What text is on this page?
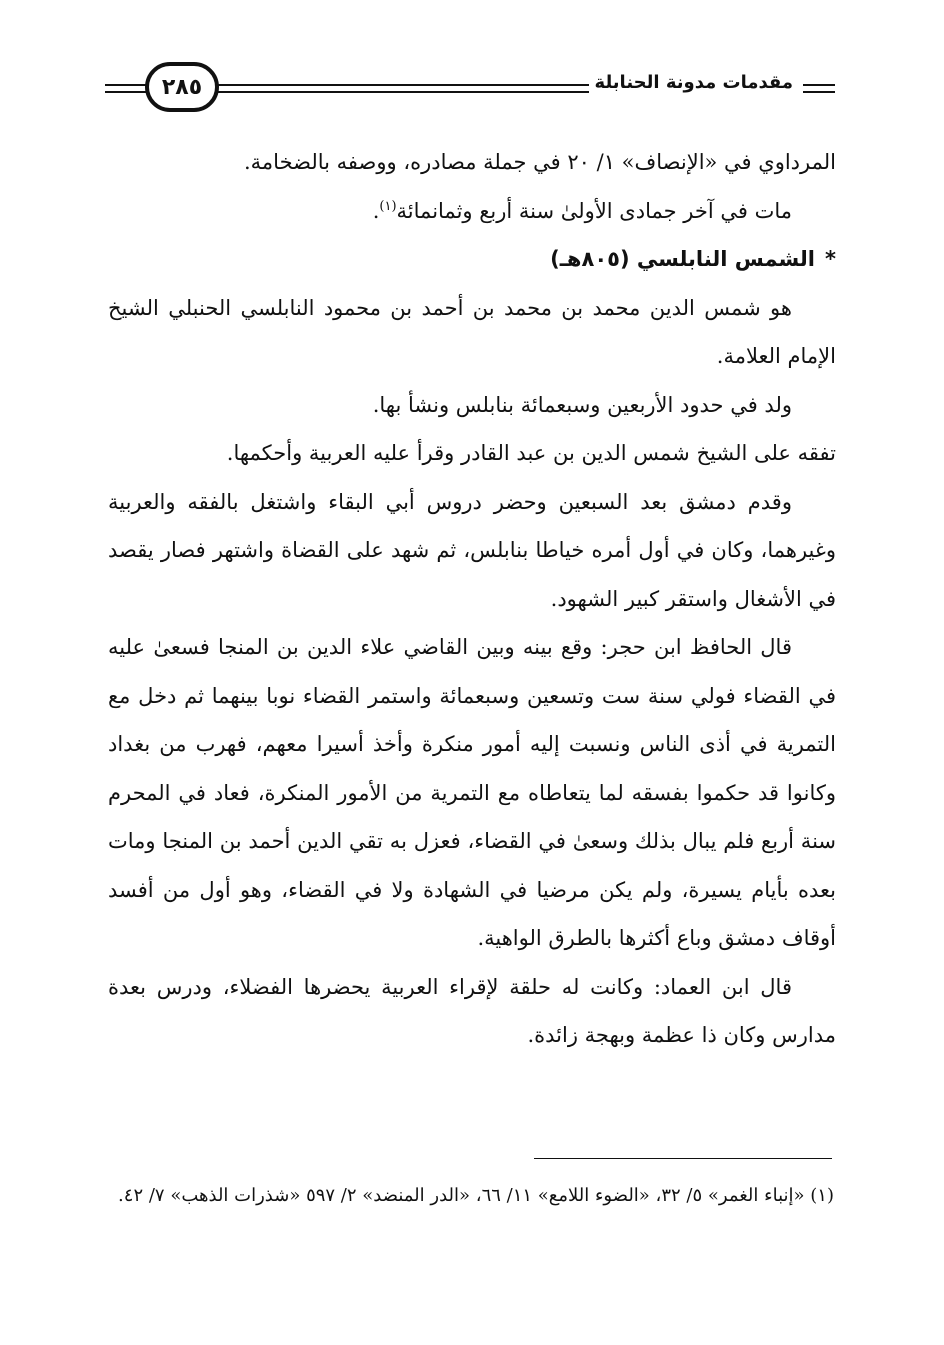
٢٨٥	مقدمات مدونة الحنابلة

المرداوي في «الإنصاف» ١/ ٢٠ في جملة مصادره، ووصفه بالضخامة.

مات في آخر جمادى الأولىٰ سنة أربع وثمانمائة$^{(١)}$.

*الشمس النابلسي (٨٠٥هـ)

هو شمس الدين محمد بن محمد بن أحمد بن محمود النابلسي الحنبلي الشيخ الإمام العلامة.

ولد في حدود الأربعين وسبعمائة بنابلس ونشأ بها.

تفقه على الشيخ شمس الدين بن عبد القادر وقرأ عليه العربية وأحكمها.

وقدم دمشق بعد السبعين وحضر دروس أبي البقاء واشتغل بالفقه والعربية وغيرهما، وكان في أول أمره خياطا بنابلس، ثم شهد على القضاة واشتهر فصار يقصد في الأشغال واستقر كبير الشهود.

قال الحافظ ابن حجر: وقع بينه وبين القاضي علاء الدين بن المنجا فسعىٰ عليه في القضاء فولي سنة ست وتسعين وسبعمائة واستمر القضاء نوبا بينهما ثم دخل مع التمرية في أذى الناس ونسبت إليه أمور منكرة وأخذ أسيرا معهم، فهرب من بغداد وكانوا قد حكموا بفسقه لما يتعاطاه مع التمرية من الأمور المنكرة، فعاد في المحرم سنة أربع فلم يبال بذلك وسعىٰ في القضاء، فعزل به تقي الدين أحمد بن المنجا ومات بعده بأيام يسيرة، ولم يكن مرضيا في الشهادة ولا في القضاء، وهو أول من أفسد أوقاف دمشق وباع أكثرها بالطرق الواهية.

قال ابن العماد: وكانت له حلقة لإقراء العربية يحضرها الفضلاء، ودرس بعدة مدارس وكان ذا عظمة وبهجة زائدة.

(١) «إنباء الغمر» ٥/ ٣٢، «الضوء اللامع» ١١/ ٦٦، «الدر المنضد» ٢/ ٥٩٧ «شذرات الذهب» ٧/ ٤٢.
